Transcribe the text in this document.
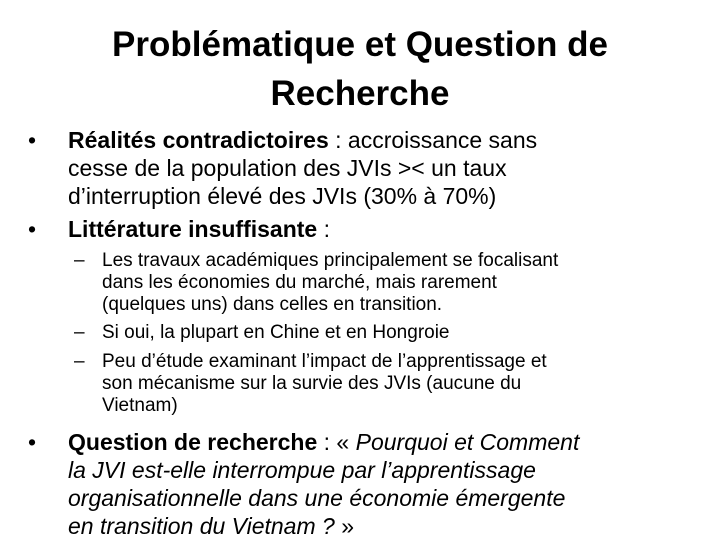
Problématique et Question de
Recherche
•	Réalités contradictoires : accroissance sans
cesse de la population des JVIs >< un taux
d’interruption élevé des JVIs (30% à 70%)
•	Littérature insuffisante :
– Les travaux académiques principalement se focalisant
dans les économies du marché, mais rarement
(quelques uns) dans celles en transition.
– Si oui, la plupart en Chine et en Hongroie
– Peu d’étude examinant l’impact de l’apprentissage et
son mécanisme sur la survie des JVIs (aucune du
Vietnam)
•	Question de recherche : « Pourquoi et Comment
la JVI est-elle interrompue par l’apprentissage
organisationnelle dans une économie émergente
en transition du Vietnam ? »
